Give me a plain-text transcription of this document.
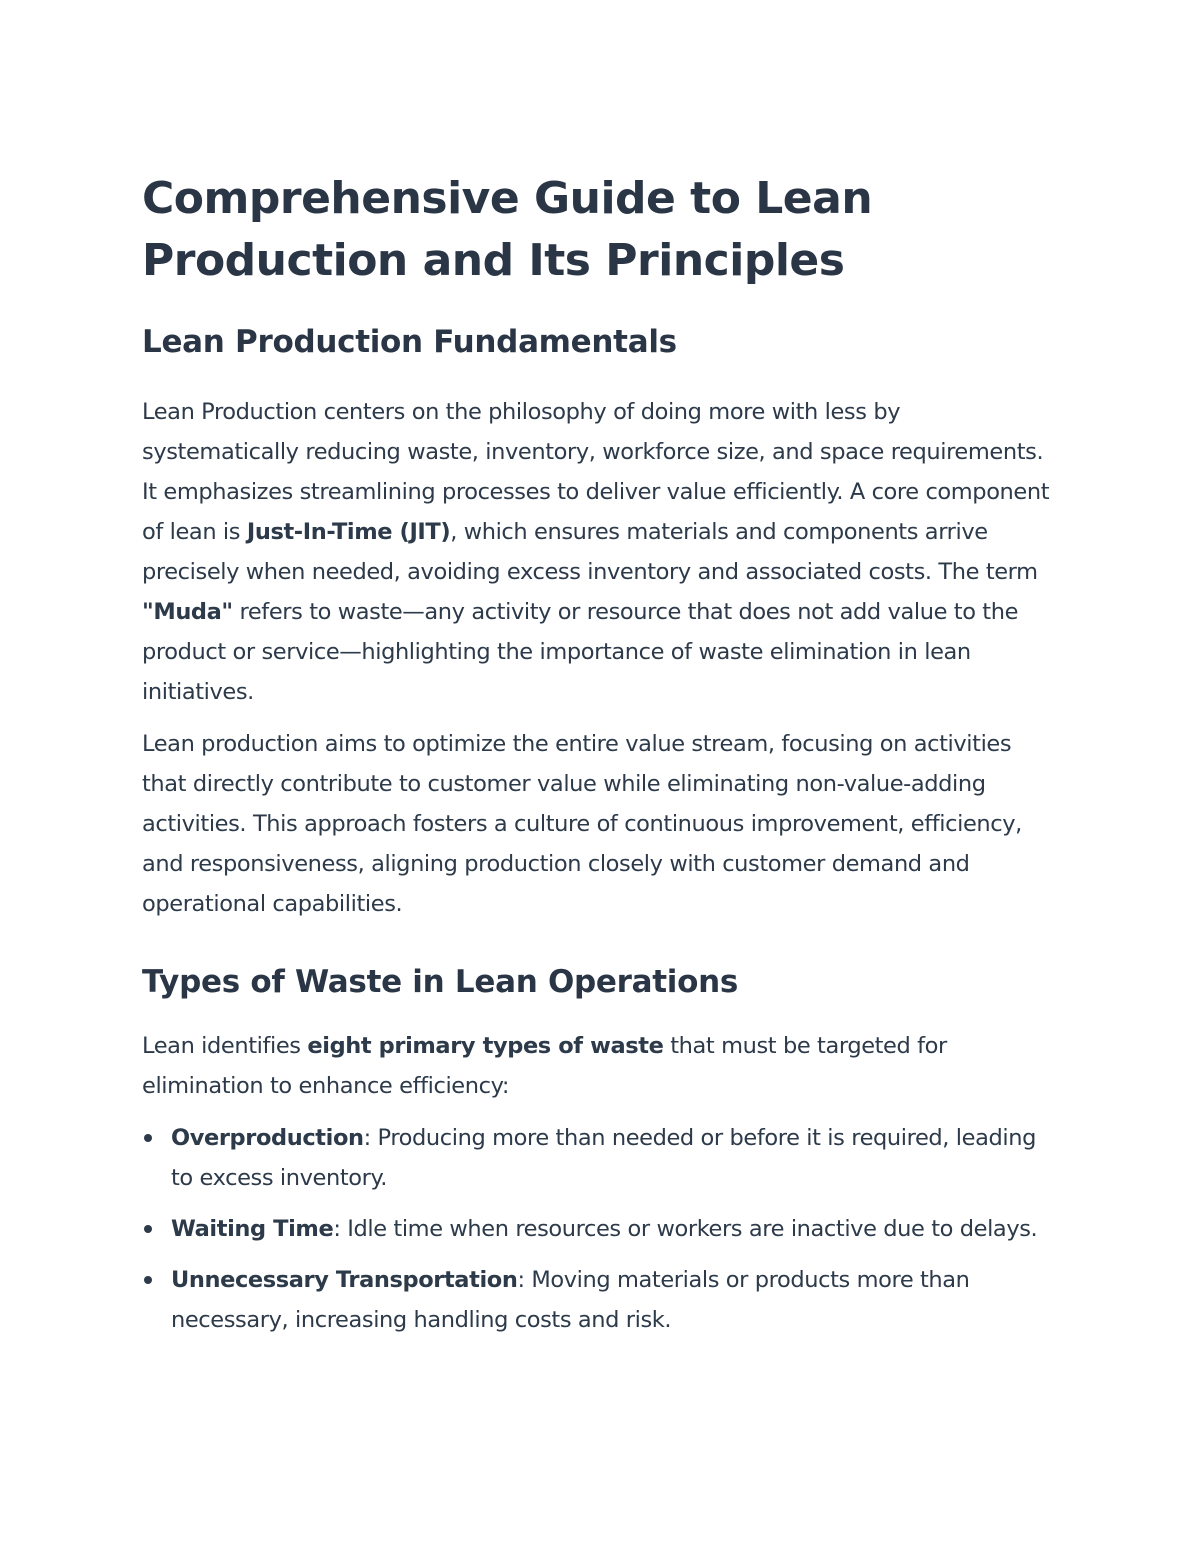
Comprehensive Guide to Lean Production and Its Principles
Lean Production Fundamentals

Lean Production centers on the philosophy of doing more with less by systematically reducing waste, inventory, workforce size, and space requirements. It emphasizes streamlining processes to deliver value efficiently. A core component of lean is Just-In-Time (JIT), which ensures materials and components arrive precisely when needed, avoiding excess inventory and associated costs. The term "Muda" refers to waste—any activity or resource that does not add value to the product or service—highlighting the importance of waste elimination in lean initiatives.

Lean production aims to optimize the entire value stream, focusing on activities that directly contribute to customer value while eliminating non-value-adding activities. This approach fosters a culture of continuous improvement, efficiency, and responsiveness, aligning production closely with customer demand and operational capabilities.

Types of Waste in Lean Operations

Lean identifies eight primary types of waste that must be targeted for elimination to enhance efficiency:

Overproduction: Producing more than needed or before it is required, leading to excess inventory.
Waiting Time: Idle time when resources or workers are inactive due to delays.
Unnecessary Transportation: Moving materials or products more than necessary, increasing handling costs and risk.
